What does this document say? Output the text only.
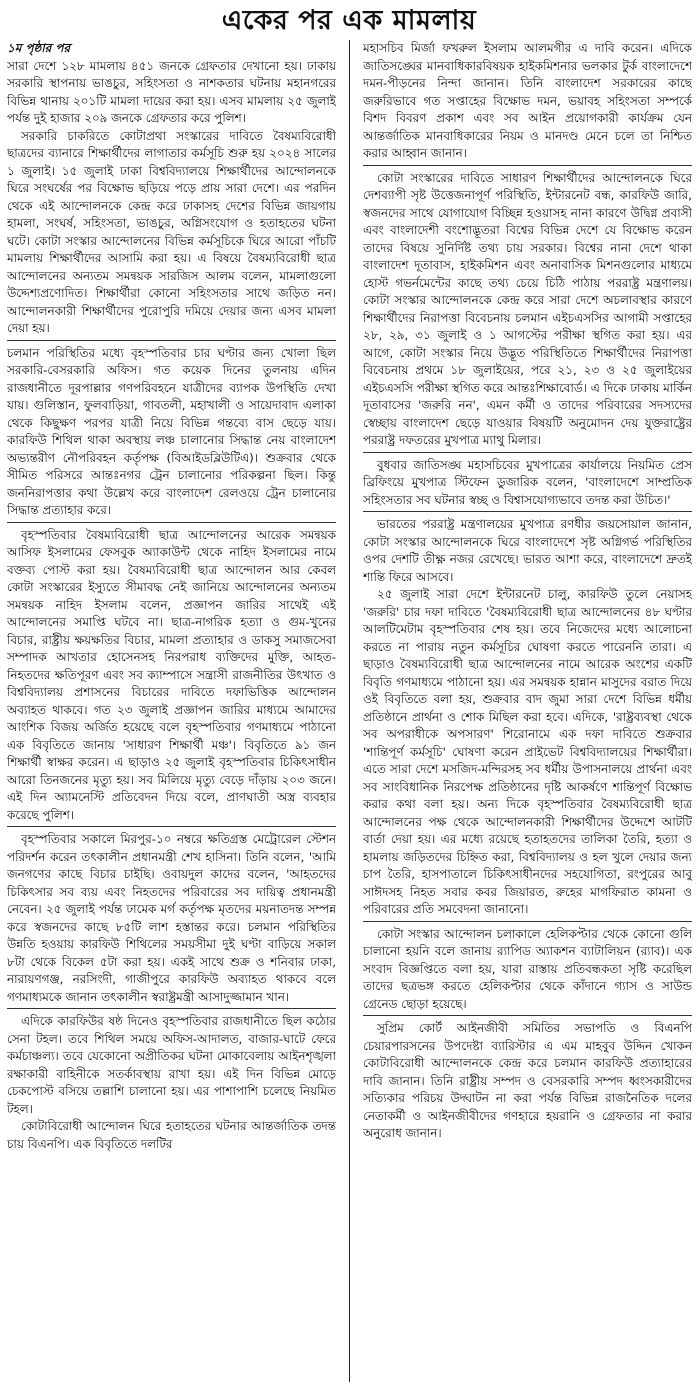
একের পর এক মামলায়

১ম পৃষ্ঠার পর

সারা দেশে ১২৮ মামলায় ৪৫১ জনকে গ্রেফতার দেখানো হয়। ঢাকায় সরকারি স্থাপনায় ভাঙচুর, সহিংসতা ও নাশকতার ঘটনায় মহানগরের বিভিন্ন থানায় ২০১টি মামলা দায়ের করা হয়। এসব মামলায় ২৫ জুলাই পর্যন্ত দুই হাজার ২০৯ জনকে গ্রেফতার করে পুলিশ।

সরকারি চাকরিতে কোটাপ্রথা সংস্কারের দাবিতে বৈষম্যবিরোধী ছাত্রদের ব্যানারে শিক্ষার্থীদের লাগাতার কর্মসূচি শুরু হয় ২০২৪ সালের ১ জুলাই। ১৫ জুলাই ঢাকা বিশ্ববিদ্যালয়ে শিক্ষার্থীদের আন্দোলনকে ঘিরে সংঘর্ষের পর বিক্ষোভ ছড়িয়ে পড়ে প্রায় সারা দেশে। এর পরদিন থেকে এই আন্দোলনকে কেন্দ্র করে ঢাকাসহ দেশের বিভিন্ন জায়গায় হামলা, সংঘর্ষ, সহিংসতা, ভাঙচুর, অগ্নিসংযোগ ও হতাহতের ঘটনা ঘটে। কোটা সংস্কার আন্দোলনের বিভিন্ন কর্মসূচিকে ঘিরে আরো পাঁচটি মামলায় শিক্ষার্থীদের আসামি করা হয়। এ বিষয়ে বৈষম্যবিরোধী ছাত্র আন্দোলনের অন্যতম সমন্বয়ক সারজিস আলম বলেন, মামলাগুলো উদ্দেশ্যপ্রণোদিত। শিক্ষার্থীরা কোনো সহিংসতার সাথে জড়িত নন। আন্দোলনকারী শিক্ষার্থীদের পুরোপুরি দমিয়ে দেয়ার জন্য এসব মামলা দেয়া হয়।

চলমান পরিস্থিতির মধ্যে বৃহস্পতিবার চার ঘণ্টার জন্য খোলা ছিল সরকারি-বেসরকারি অফিস। গত কয়েক দিনের তুলনায় এদিন রাজধানীতে দূরপাল্লার গণপরিবহনে যাত্রীদের ব্যাপক উপস্থিতি দেখা যায়। গুলিস্তান, ফুলবাড়িয়া, গাবতলী, মহাখালী ও সায়েদাবাদ এলাকা থেকে কিছুক্ষণ পরপর যাত্রী নিয়ে বিভিন্ন গন্তব্যে বাস ছেড়ে যায়। কারফিউ শিথিল থাকা অবস্থায় লঞ্চ চালানোর সিদ্ধান্ত নেয় বাংলাদেশ অভ্যন্তরীণ নৌপরিবহন কর্তৃপক্ষ (বিআইডব্লিউটিএ)। শুক্রবার থেকে সীমিত পরিসরে আন্তঃনগর ট্রেন চালানোর পরিকল্পনা ছিল। কিন্তু জননিরাপত্তার কথা উল্লেখ করে বাংলাদেশ রেলওয়ে ট্রেন চালানোর সিদ্ধান্ত প্রত্যাহার করে।

বৃহস্পতিবার বৈষম্যবিরোধী ছাত্র আন্দোলনের আরেক সমন্বয়ক আসিফ ইসলামের ফেসবুক অ্যাকাউন্ট থেকে নাহিদ ইসলামের নামে বক্তব্য পোস্ট করা হয়। বৈষম্যবিরোধী ছাত্র আন্দোলন আর কেবল কোটা সংস্কারের ইস্যুতে সীমাবদ্ধ নেই জানিয়ে আন্দোলনের অন্যতম সমন্বয়ক নাহিদ ইসলাম বলেন, প্রজ্ঞাপন জারির সাথেই এই আন্দোলনের সমাপ্তি ঘটবে না। ছাত্র-নাগরিক হত্যা ও গুম-খুনের বিচার, রাষ্ট্রীয় ক্ষয়ক্ষতির বিচার, মামলা প্রত্যাহার ও ডাকসু সমাজসেবা সম্পাদক আখতার হোসেনসহ নিরপরাধ ব্যক্তিদের মুক্তি, আহত-নিহতদের ক্ষতিপূরণ এবং সব ক্যাম্পাসে সন্ত্রাসী রাজনীতির উৎখাত ও বিশ্ববিদ্যালয় প্রশাসনের বিচারের দাবিতে দফাভিত্তিক আন্দোলন অব্যাহত থাকবে। গত ২৩ জুলাই প্রজ্ঞাপন জারির মাধ্যমে আমাদের আংশিক বিজয় অর্জিত হয়েছে বলে বৃহস্পতিবার গণমাধ্যমে পাঠানো এক বিবৃতিতে জানায় 'সাধারণ শিক্ষার্থী মঞ্চ'। বিবৃতিতে ৯১ জন শিক্ষার্থী স্বাক্ষর করেন। এ ছাড়াও ২৫ জুলাই বৃহস্পতিবার চিকিৎসাধীন আরো তিনজনের মৃত্যু হয়। সব মিলিয়ে মৃত্যু বেড়ে দাঁড়ায় ২০৩ জনে। এই দিন অ্যামনেস্টি প্রতিবেদন দিয়ে বলে, প্রাণঘাতী অস্ত্র ব্যবহার করেছে পুলিশ।

বৃহস্পতিবার সকালে মিরপুর-১০ নম্বরে ক্ষতিগ্রস্ত মেট্রোরেল স্টেশন পরিদর্শন করেন তৎকালীন প্রধানমন্ত্রী শেখ হাসিনা। তিনি বলেন, 'আমি জনগণের কাছে বিচার চাইছি। ওবায়দুল কাদের বলেন, 'আহতদের চিকিৎসার সব ব্যয় এবং নিহতদের পরিবারের সব দায়িত্ব প্রধানমন্ত্রী নেবেন। ২৫ জুলাই পর্যন্ত ঢামেক মর্গ কর্তৃপক্ষ মৃতদের ময়নাতদন্ত সম্পন্ন করে স্বজনদের কাছে ৮৫টি লাশ হস্তান্তর করে। চলমান পরিস্থিতির উন্নতি হওয়ায় কারফিউ শিথিলের সময়সীমা দুই ঘণ্টা বাড়িয়ে সকাল ৮টা থেকে বিকেল ৫টা করা হয়। একই সাথে শুক্র ও শনিবার ঢাকা, নারায়ণগঞ্জ, নরসিংদী, গাজীপুরে কারফিউ অব্যাহত থাকবে বলে গণমাধ্যমকে জানান তৎকালীন স্বরাষ্ট্রমন্ত্রী আসাদুজ্জামান খান।

এদিকে কারফিউর ষষ্ঠ দিনেও বৃহস্পতিবার রাজধানীতে ছিল কঠোর সেনা টহল। তবে শিথিল সময়ে অফিস-আদালত, বাজার-ঘাটে ফেরে কর্মচাঞ্চল্য। তবে যেকোনো অপ্রীতিকর ঘটনা মোকাবেলায় আইনশৃঙ্খলা রক্ষাকারী বাহিনীকে সতর্কাবস্থায় রাখা হয়। এই দিন বিভিন্ন মোড়ে চেকপোস্ট বসিয়ে তল্লাশি চালানো হয়। এর পাশাপাশি চলেছে নিয়মিত টহল।

কোটাবিরোধী আন্দোলন ঘিরে হতাহতের ঘটনার আন্তর্জাতিক তদন্ত চায় বিএনপি। এক বিবৃতিতে দলটির

মহাসচিব মির্জা ফখরুল ইসলাম আলমগীর এ দাবি করেন। এদিকে জাতিসঙ্ঘের মানবাধিকারবিষয়ক হাইকমিশনার ভলকার টুর্ক বাংলাদেশে দমন-পীড়নের নিন্দা জানান। তিনি বাংলাদেশ সরকারের কাছে জরুরিভাবে গত সপ্তাহের বিক্ষোভ দমন, ভয়াবহ সহিংসতা সম্পর্কে বিশদ বিবরণ প্রকাশ এবং সব আইন প্রয়োগকারী কার্যক্রম যেন আন্তর্জাতিক মানবাধিকারের নিয়ম ও মানদণ্ড মেনে চলে তা নিশ্চিত করার আহ্বান জানান।

কোটা সংস্কারের দাবিতে সাধারণ শিক্ষার্থীদের আন্দোলনকে ঘিরে দেশব্যাপী সৃষ্ট উত্তেজনাপূর্ণ পরিস্থিতি, ইন্টারনেট বন্ধ, কারফিউ জারি, স্বজনদের সাথে যোগাযোগ বিচ্ছিন্ন হওয়াসহ নানা কারণে উদ্বিগ্ন প্রবাসী এবং বাংলাদেশী বংশোদ্ভূতরা বিশ্বের বিভিন্ন দেশে যে বিক্ষোভ করেন তাদের বিষয়ে সুনির্দিষ্ট তথ্য চায় সরকার। বিশ্বের নানা দেশে থাকা বাংলাদেশ দূতাবাস, হাইকমিশন এবং অনাবাসিক মিশনগুলোর মাধ্যমে হোস্ট গভর্নমেন্টের কাছে তথ্য চেয়ে চিঠি পাঠায় পররাষ্ট্র মন্ত্রণালয়। কোটা সংস্কার আন্দোলনকে কেন্দ্র করে সারা দেশে অচলাবস্থার কারণে শিক্ষার্থীদের নিরাপত্তা বিবেচনায় চলমান এইচএসসির আগামী সপ্তাহের ২৮, ২৯, ৩১ জুলাই ও ১ আগস্টের পরীক্ষা স্থগিত করা হয়। এর আগে, কোটা সংস্কার নিয়ে উদ্ভূত পরিস্থিতিতে শিক্ষার্থীদের নিরাপত্তা বিবেচনায় প্রথমে ১৮ জুলাইয়ের, পরে ২১, ২৩ ও ২৫ জুলাইয়ের এইচএসসি পরীক্ষা স্থগিত করে আন্তঃশিক্ষাবোর্ড। এ দিকে ঢাকায় মার্কিন দূতাবাসের 'জরুরি নন', এমন কর্মী ও তাদের পরিবারের সদস্যদের স্বেচ্ছায় বাংলাদেশ ছেড়ে যাওয়ার বিষয়টি অনুমোদন দেয় যুক্তরাষ্ট্রের পররাষ্ট্র দফতরের মুখপাত্র ম্যাথু মিলার।

বুধবার জাতিসঙ্ঘ মহাসচিবের মুখপাত্রের কার্যালয়ে নিয়মিত প্রেস ব্রিফিংয়ে মুখপাত্র স্টিফেন ডুজারিক বলেন, 'বাংলাদেশে সাম্প্রতিক সহিংসতার সব ঘটনার স্বচ্ছ ও বিশ্বাসযোগ্যভাবে তদন্ত করা উচিত।'

ভারতের পররাষ্ট্র মন্ত্রণালয়ের মুখপাত্র রণধীর জয়সোয়াল জানান, কোটা সংস্কার আন্দোলনকে ঘিরে বাংলাদেশে সৃষ্ট অগ্নিগর্ভ পরিস্থিতির ওপর দেশটি তীক্ষ্ণ নজর রেখেছে। ভারত আশা করে, বাংলাদেশে দ্রুতই শান্তি ফিরে আসবে।

২৫ জুলাই সারা দেশে ইন্টারনেট চালু, কারফিউ তুলে নেয়াসহ 'জরুরি' চার দফা দাবিতে 'বৈষম্যবিরোধী ছাত্র আন্দোলনের ৪৮ ঘণ্টার আলটিমেটাম বৃহস্পতিবার শেষ হয়। তবে নিজেদের মধ্যে আলোচনা করতে না পারায় নতুন কর্মসূচির ঘোষণা করতে পারেননি তারা। এ ছাড়াও বৈষম্যবিরোধী ছাত্র আন্দোলনের নামে আরেক অংশের একটি বিবৃতি গণমাধ্যমে পাঠানো হয়। এর সমন্বয়ক হান্নান মাসুদের বরাত দিয়ে ওই বিবৃতিতে বলা হয়, শুক্রবার বাদ জুমা সারা দেশে বিভিন্ন ধর্মীয় প্রতিষ্ঠানে প্রার্থনা ও শোক মিছিল করা হবে। এদিকে, 'রাষ্ট্রব্যবস্থা থেকে সব অপরাধীকে অপসারণ' শিরোনামে এক দফা দাবিতে শুক্রবার 'শান্তিপূর্ণ কর্মসূচি' ঘোষণা করেন প্রাইভেট বিশ্ববিদ্যালয়ের শিক্ষার্থীরা। এতে সারা দেশে মসজিদ-মন্দিরসহ সব ধর্মীয় উপাসনালয়ে প্রার্থনা এবং সব সাংবিধানিক নিরপেক্ষ প্রতিষ্ঠানের দৃষ্টি আকর্ষণে শান্তিপূর্ণ বিক্ষোভ করার কথা বলা হয়। অন্য দিকে বৃহস্পতিবার বৈষম্যবিরোধী ছাত্র আন্দোলনের পক্ষ থেকে আন্দোলনকারী শিক্ষার্থীদের উদ্দেশে আটটি বার্তা দেয়া হয়। এর মধ্যে রয়েছে হতাহতদের তালিকা তৈরি, হত্যা ও হামলায় জড়িতদের চিহ্নিত করা, বিশ্ববিদ্যালয় ও হল খুলে দেয়ার জন্য চাপ তৈরি, হাসপাতালে চিকিৎসাধীনদের সহযোগিতা, রংপুরের আবু সাঈদসহ নিহত সবার কবর জিয়ারত, রুহের মাগফিরাত কামনা ও পরিবারের প্রতি সমবেদনা জানানো।

কোটা সংস্কার আন্দোলন চলাকালে হেলিকপ্টার থেকে কোনো গুলি চালানো হয়নি বলে জানায় র‌্যাপিড অ্যাকশন ব্যাটালিয়ন (র‌্যাব)। এক সংবাদ বিজ্ঞপ্তিতে বলা হয়, যারা রাস্তায় প্রতিবন্ধকতা সৃষ্টি করেছিল তাদের ছত্রভঙ্গ করতে হেলিকপ্টার থেকে কাঁদানে গ্যাস ও সাউন্ড গ্রেনেড ছোড়া হয়েছে।

সুপ্রিম কোর্ট আইনজীবী সমিতির সভাপতি ও বিএনপি চেয়ারপারসনের উপদেষ্টা ব্যারিস্টার এ এম মাহবুব উদ্দিন খোকন কোটাবিরোধী আন্দোলনকে কেন্দ্র করে চলমান কারফিউ প্রত্যাহারের দাবি জানান। তিনি রাষ্ট্রীয় সম্পদ ও বেসরকারি সম্পদ ধ্বংসকারীদের সত্যিকার পরিচয় উদ্ঘাটন না করা পর্যন্ত বিভিন্ন রাজনৈতিক দলের নেতাকর্মী ও আইনজীবীদের গণহারে হয়রানি ও গ্রেফতার না করার অনুরোধ জানান।
